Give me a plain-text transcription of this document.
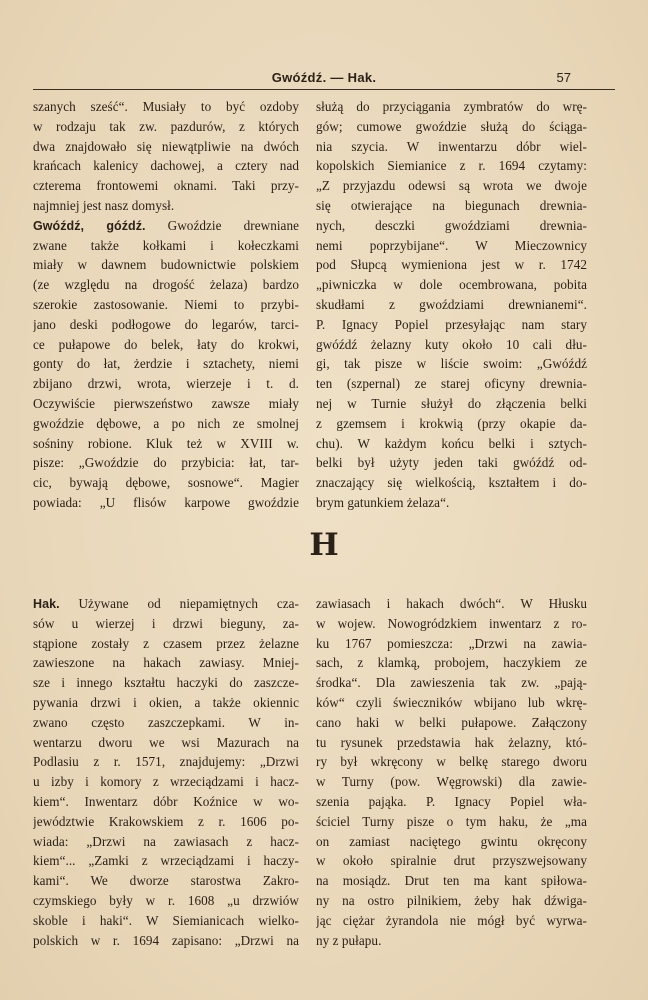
Gwóźdź. — Hak.	57
szanych sześć“. Musiały to być ozdoby
w rodzaju tak zw. pazdurów, z których
dwa znajdowało się niewątpliwie na dwóch
krańcach kalenicy dachowej, a cztery nad
czterema frontowemi oknami. Taki przy-
najmniej jest nasz domysł.
Gwóźdź, góźdź. Gwoździe drewniane
zwane także kołkami i kołeczkami
miały w dawnem budownictwie polskiem
(ze względu na drogość żelaza) bardzo
szerokie zastosowanie. Niemi to przybi-
jano deski podłogowe do legarów, tarci-
ce pułapowe do belek, łaty do krokwi,
gonty do łat, żerdzie i sztachety, niemi
zbijano drzwi, wrota, wierzeje i t. d.
Oczywiście pierwszeństwo zawsze miały
gwoździe dębowe, a po nich ze smolnej
sośniny robione. Kluk też w XVIII w.
pisze: „Gwoździe do przybicia: łat, tar-
cic, bywają dębowe, sosnowe“. Magier
powiada: „U flisów karpowe gwoździe
służą do przyciągania zymbratów do wrę-
gów; cumowe gwoździe służą do ściąga-
nia szycia. W inwentarzu dóbr wiel-
kopolskich Siemianice z r. 1694 czytamy:
„Z przyjazdu odewsi są wrota we dwoje
się otwierające na biegunach drewnia-
nych, desczki gwoździami drewnia-
nemi poprzybijane“. W Mieczownicy
pod Słupcą wymieniona jest w r. 1742
„piwniczka w dole ocembrowana, pobita
skudłami z gwoździami drewnianemi“.
P. Ignacy Popiel przesyłając nam stary
gwóźdź żelazny kuty około 10 cali dłu-
gi, tak pisze w liście swoim: „Gwóźdź
ten (szpernal) ze starej oficyny drewnia-
nej w Turnie służył do złączenia belki
z gzemsem i krokwią (przy okapie da-
chu). W każdym końcu belki i sztych-
belki był użyty jeden taki gwóźdź od-
znaczający się wielkością, kształtem i do-
brym gatunkiem żelaza“.
H
Hak. Używane od niepamiętnych cza-
sów u wierzej i drzwi bieguny, za-
stąpione zostały z czasem przez żelazne
zawieszone na hakach zawiasy. Mniej-
sze i innego kształtu haczyki do zaszcze-
pywania drzwi i okien, a także okiennic
zwano często zaszczepkami. W in-
wentarzu dworu we wsi Mazurach na
Podlasiu z r. 1571, znajdujemy: „Drzwi
u izby i komory z wrzeciądzami i hacz-
kiem“. Inwentarz dóbr Koźnice w wo-
jewództwie Krakowskiem z r. 1606 po-
wiada: „Drzwi na zawiasach z hacz-
kiem“... „Zamki z wrzeciądzami i haczy-
kami“. We dworze starostwa Zakro-
czymskiego były w r. 1608 „u drzwiów
skoble i haki“. W Siemianicach wielko-
polskich w r. 1694 zapisano: „Drzwi na
zawiasach i hakach dwóch“. W Hłusku
w wojew. Nowogródzkiem inwentarz z ro-
ku 1767 pomieszcza: „Drzwi na zawia-
sach, z klamką, probojem, haczykiem ze
środka“. Dla zawieszenia tak zw. „pają-
ków“ czyli świeczników wbijano lub wkrę-
cano haki w belki pułapowe. Załączony
tu rysunek przedstawia hak żelazny, któ-
ry był wkręcony w belkę starego dworu
w Turny (pow. Węgrowski) dla zawie-
szenia pająka. P. Ignacy Popiel wła-
ściciel Turny pisze o tym haku, że „ma
on zamiast naciętego gwintu okręcony
w około spiralnie drut przyszwejsowany
na mosiądz. Drut ten ma kant spiłowa-
ny na ostro pilnikiem, żeby hak dźwiga-
jąc ciężar żyrandola nie mógł być wyrwa-
ny z pułapu.
